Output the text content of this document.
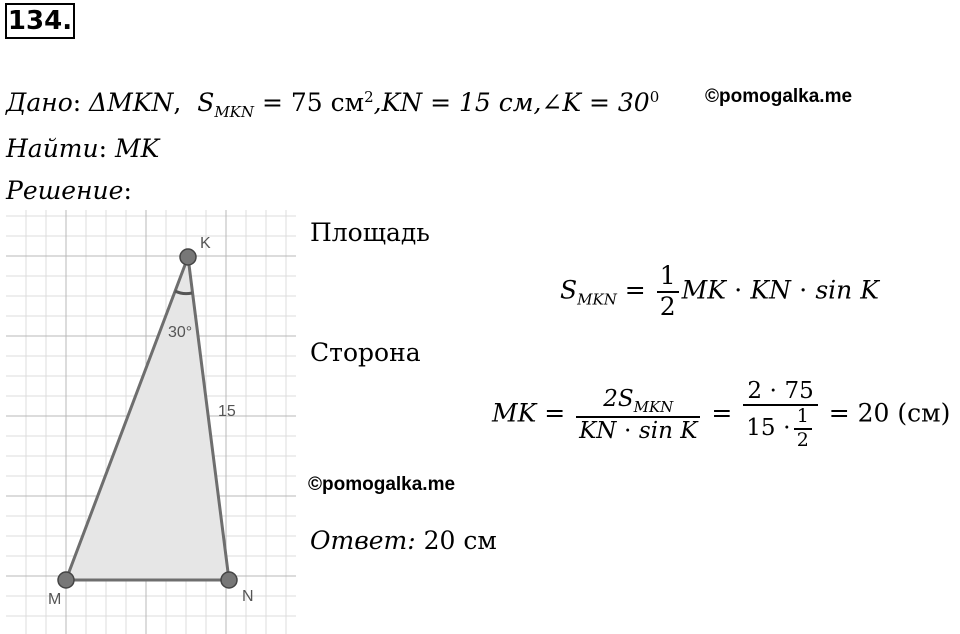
134.
Дано: ΔMKN,  $S_{MKN} = 75$ $см^2,KN = 15$ см,∠K = $30^0$ ©pomogalka.me
Найти: MK
Решение:
K
M	N
30°
15
Площадь
$S_{MKN} = \frac{1}{2}$ MK ⋅ KN ⋅ sin K
Сторона
MK = $\frac{2S_{MKN}}{\text{KN ⋅ sin K}} = \frac{2 \cdot 75}{15 \cdot \frac{1}{2}} = 20$ (см)
©pomogalka.me
Ответ: 20 см
